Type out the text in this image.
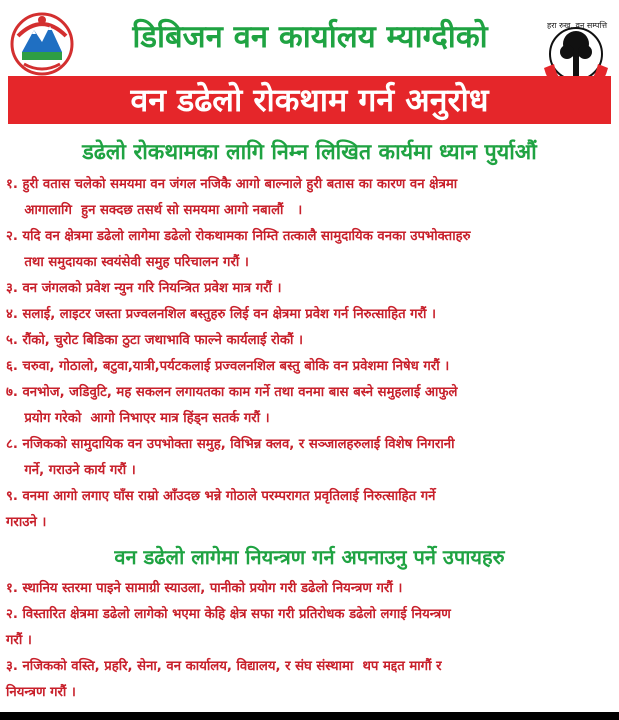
डिबिजन वन कार्यालय म्याग्दीको	हरा रुख, वन सम्पत्ति
वन डढेलो रोकथाम गर्न अनुरोध
डढेलो रोकथामका लागि निम्न लिखित कार्यमा ध्यान पुर्याऔं
१. हुरी वतास चलेको समयमा वन जंगल नजिकै आगो बाल्नाले हुरी बतास का कारण वन क्षेत्रमा
आगालागि  हुन सक्दछ तसर्थ सो समयमा आगो नबालौं   ।
२. यदि वन क्षेत्रमा डढेलो लागेमा डढेलो रोकथामका निम्ति तत्कालै सामुदायिक वनका उपभोक्ताहरु
तथा समुदायका स्वयंसेवी समुह परिचालन गरौं ।
३. वन जंगलको प्रवेश न्युन गरि नियन्त्रित प्रवेश मात्र गरौं ।
४. सलाई, लाइटर जस्ता प्रज्वलनशिल बस्तुहरु लिई वन क्षेत्रमा प्रवेश गर्न निरुत्साहित गरौं ।
५. रौंको, चुरोट बिडिका ठुटा जथाभावि फाल्ने कार्यलाई रोकौं ।
६. चरुवा, गोठालो, बटुवा,यात्री,पर्यटकलाई प्रज्वलनशिल बस्तु बोकि वन प्रवेशमा निषेध गरौं ।
७. वनभोज, जडिवुटि, मह सकलन लगायतका काम गर्ने तथा वनमा बास बस्ने समुहलाई आफुले
प्रयोग गरेको  आगो निभाएर मात्र हिंड्न सतर्क गरौं ।
८. नजिकको सामुदायिक वन उपभोक्ता समुह, विभिन्न क्लव, र सञ्जालहरुलाई विशेष निगरानी
गर्ने, गराउने कार्य गरौं ।
९. वनमा आगो लगाए घाँस राम्रो आँउदछ भन्ने गोठाले परम्परागत प्रवृतिलाई निरुत्साहित गर्ने
गराउने ।
वन डढेलो लागेमा नियन्त्रण गर्न अपनाउनु पर्ने उपायहरु
१. स्थानिय स्तरमा पाइने सामाग्री स्याउला, पानीको प्रयोग गरी डढेलो नियन्त्रण गरौं ।
२. विस्तारित क्षेत्रमा डढेलो लागेको भएमा केहि क्षेत्र सफा गरी प्रतिरोधक डढेलो लगाई नियन्त्रण
गरौं ।
३. नजिकको वस्ति, प्रहरि, सेना, वन कार्यालय, विद्यालय, र संघ संस्थामा  थप मद्दत मागौं र
नियन्त्रण गरौं ।
